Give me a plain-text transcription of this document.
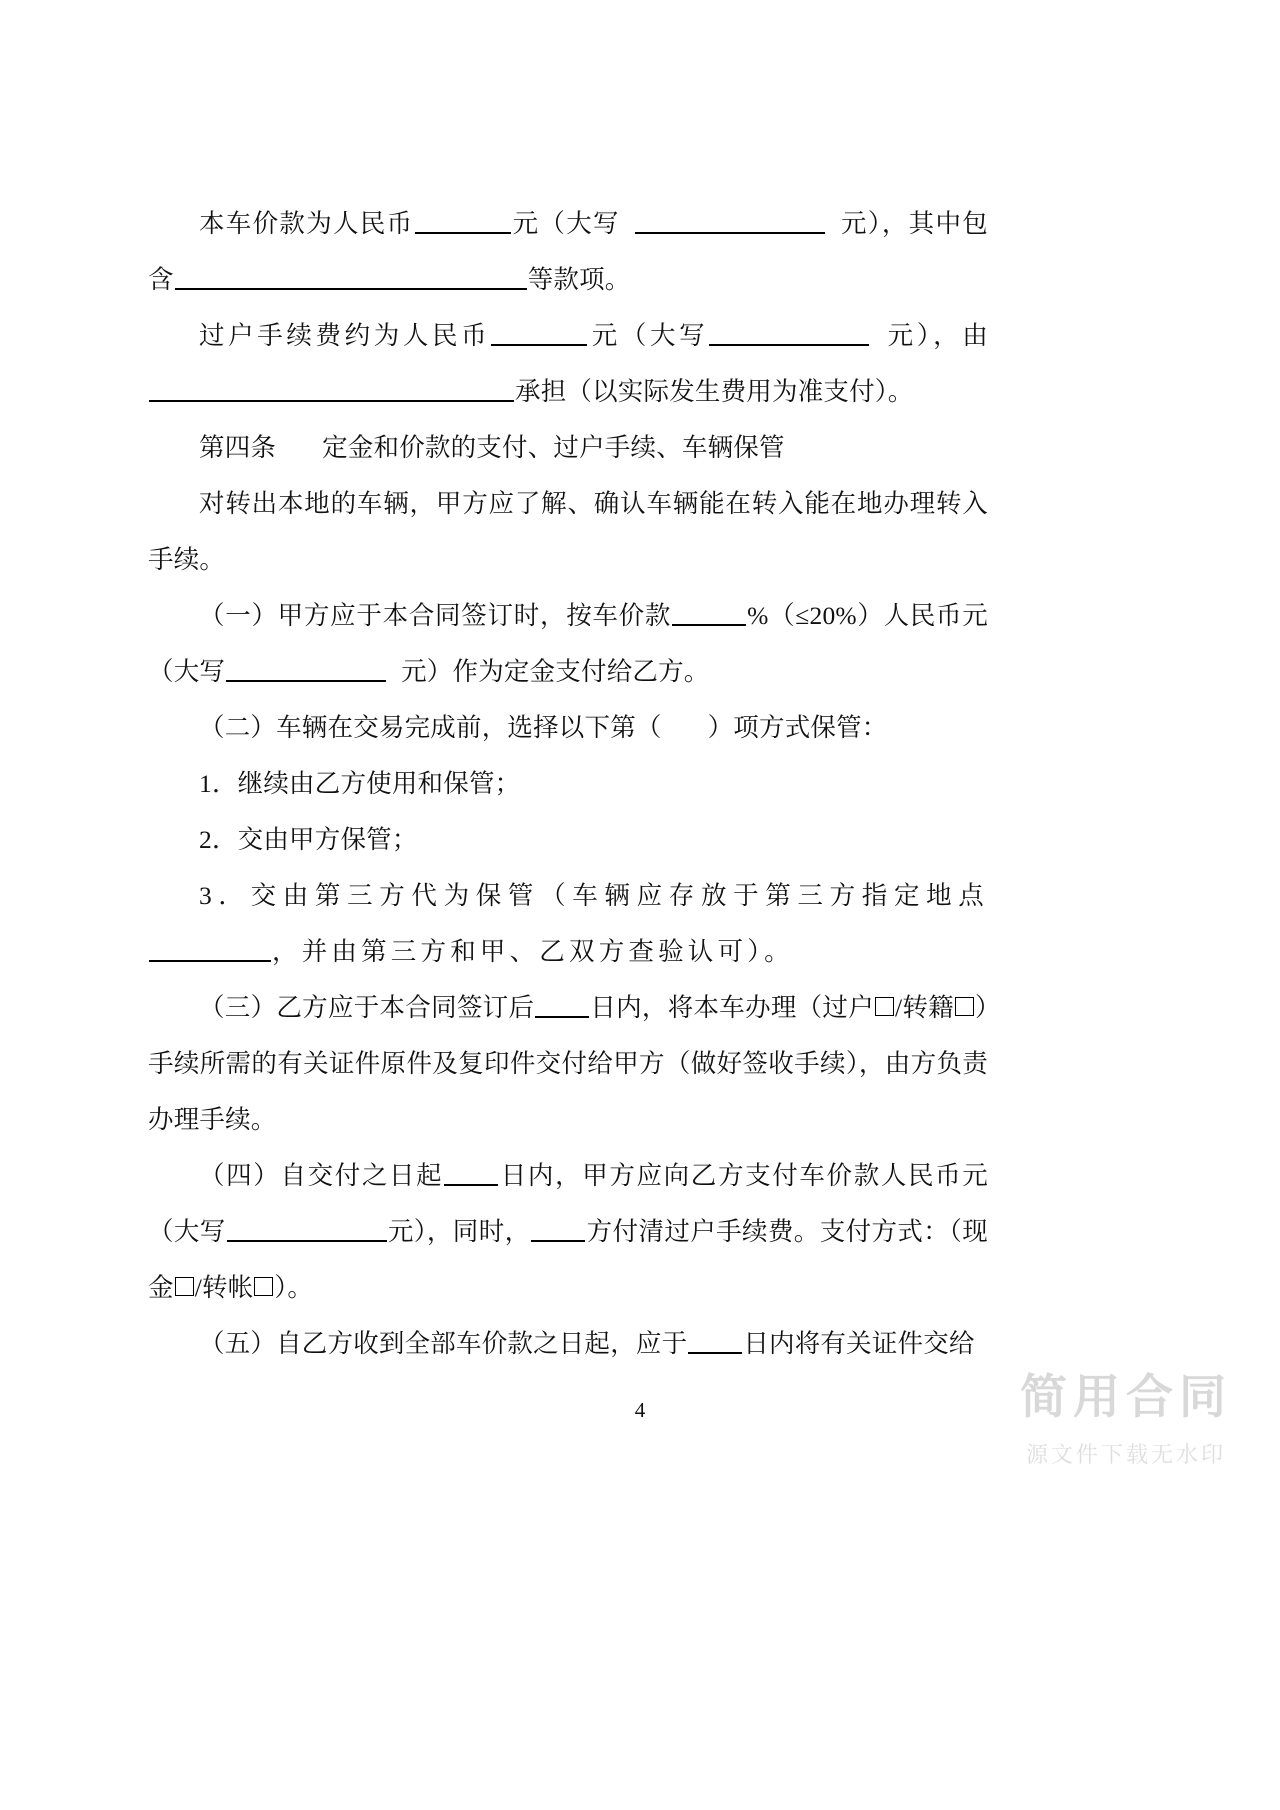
本车价款为人民币	元（大写	元），其中包含	等款项。

过户手续费约为人民币	元（大写	元），由承担（以实际发生费用为准支付）。

第四条 定金和价款的支付、过户手续、车辆保管

对转出本地的车辆，甲方应了解、确认车辆能在转入能在地办理转入手续。

（一）甲方应于本合同签订时，按车价款	%（≤20%）人民币元（大写	元）作为定金支付给乙方。

（二）车辆在交易完成前，选择以下第（ ）项方式保管：

1．继续由乙方使用和保管；

2．交由甲方保管；

3．交由第三方代为保管（车辆应存放于第三方指定地点，并由第三方和甲、乙双方查验认可）。

（三）乙方应于本合同签订后 日内，将本车办理（过户 /转籍 ）手续所需的有关证件原件及复印件交付给甲方（做好签收手续），由方负责办理手续。

（四）自交付之日起 日内，甲方应向乙方支付车价款人民币元（大写	元），同时， 方付清过户手续费。支付方式：（现金 /转帐 ）。

（五）自乙方收到全部车价款之日起，应于 日内将有关证件交给

4	简用合同
源文件下载无水印
